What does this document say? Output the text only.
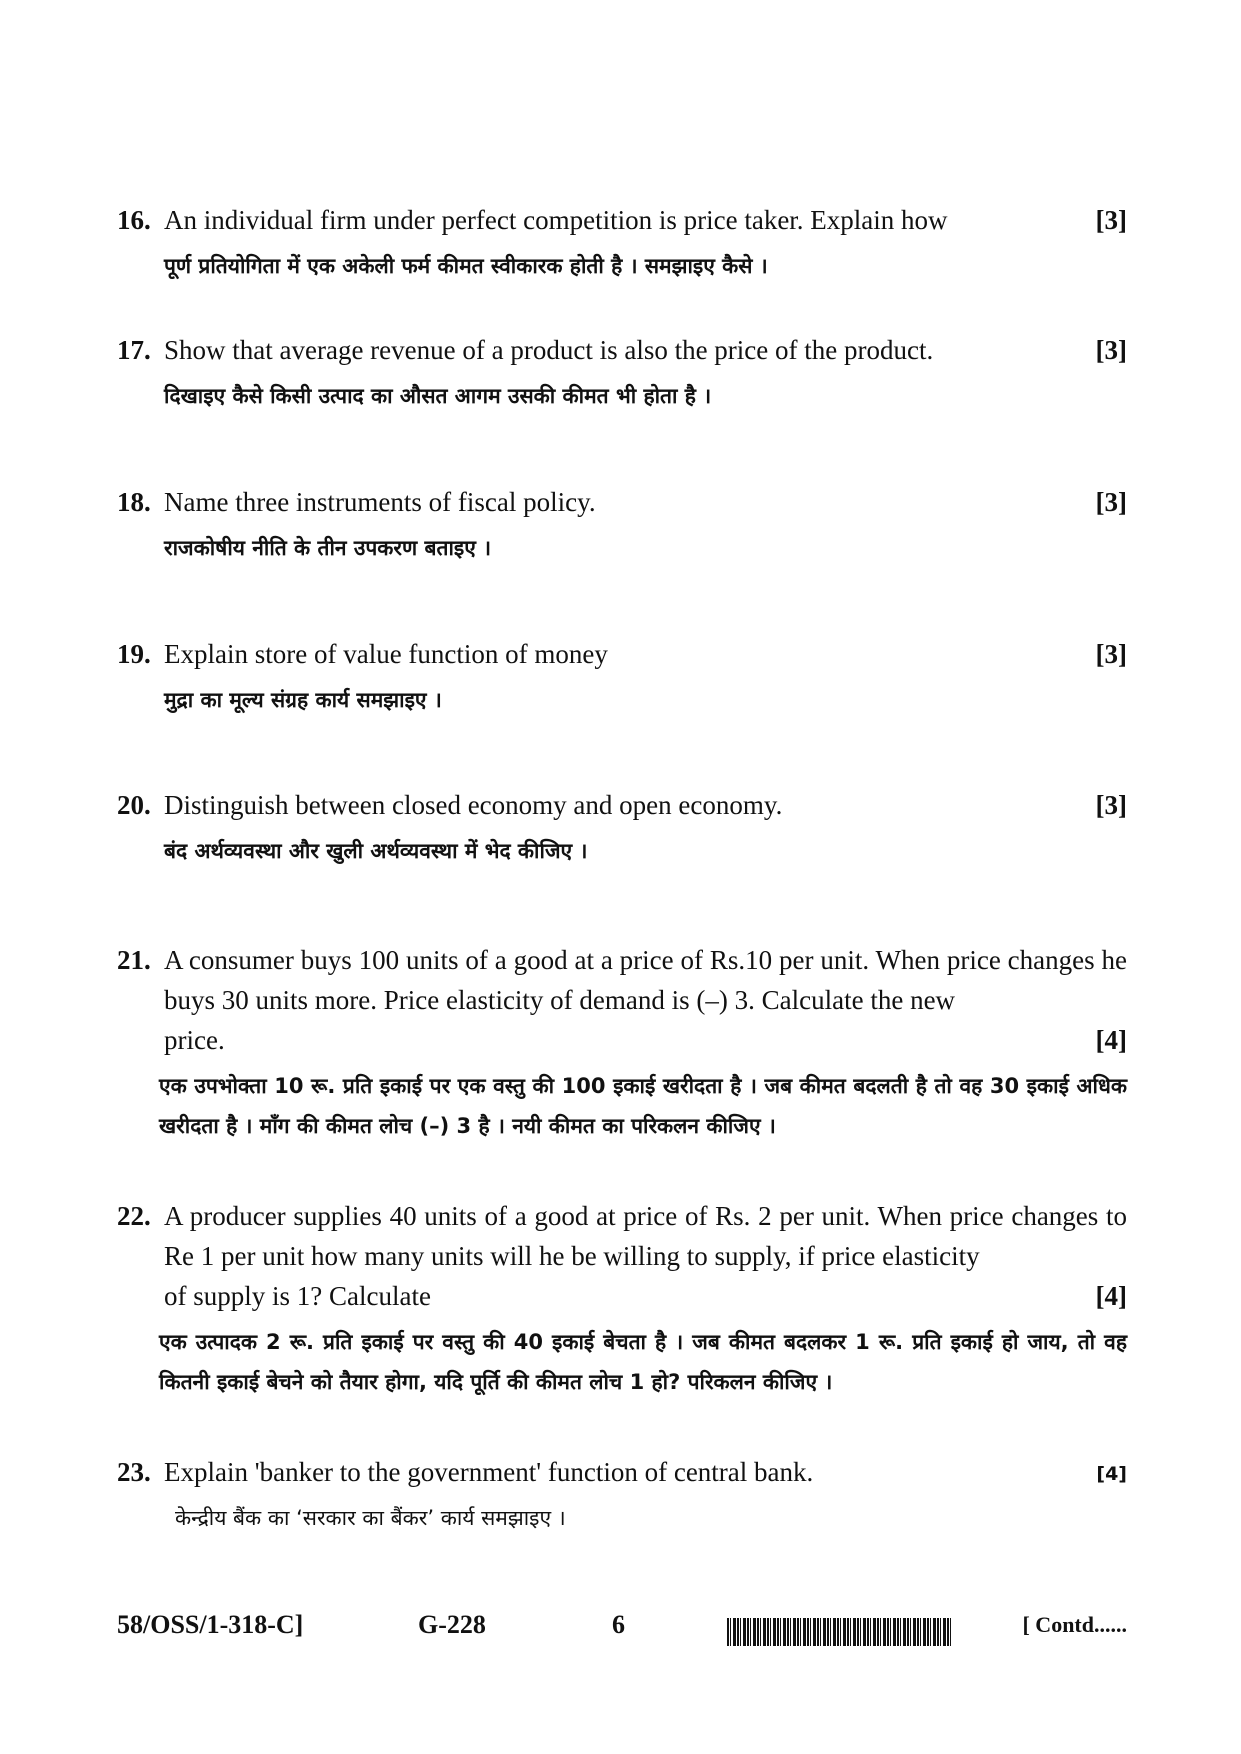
16. An individual firm under perfect competition is price taker. Explain how	[3]
पूर्ण प्रतियोगिता में एक अकेली फर्म कीमत स्वीकारक होती है । समझाइए कैसे ।
17. Show that average revenue of a product is also the price of the product.	[3]
दिखाइए कैसे किसी उत्पाद का औसत आगम उसकी कीमत भी होता है ।
18. Name three instruments of fiscal policy.	[3]
राजकोषीय नीति के तीन उपकरण बताइए ।
19. Explain store of value function of money	[3]
मुद्रा का मूल्य संग्रह कार्य समझाइए ।
20. Distinguish between closed economy and open economy.	[3]
बंद अर्थव्यवस्था और खुली अर्थव्यवस्था में भेद कीजिए ।
21. A consumer buys 100 units of a good at a price of Rs.10 per unit. When price changes he buys 30 units more. Price elasticity of demand is (–) 3. Calculate the new
price.	[4]
एक उपभोक्ता 10 रू. प्रति इकाई पर एक वस्तु की 100 इकाई खरीदता है । जब कीमत बदलती है तो वह 30 इकाई अधिक खरीदता है । माँग की कीमत लोच (–) 3 है । नयी कीमत का परिकलन कीजिए ।
22. A producer supplies 40 units of a good at price of Rs. 2 per unit. When price changes to Re 1 per unit how many units will he be willing to supply, if price elasticity
of supply is 1? Calculate	[4]
एक उत्पादक 2 रू. प्रति इकाई पर वस्तु की 40 इकाई बेचता है । जब कीमत बदलकर 1 रू. प्रति इकाई हो जाय, तो वह कितनी इकाई बेचने को तैयार होगा, यदि पूर्ति की कीमत लोच 1 हो? परिकलन कीजिए ।
23. Explain 'banker to the government' function of central bank.	[4]
केन्द्रीय बैंक का ‘सरकार का बैंकर’ कार्य समझाइए ।
58/OSS/1-318-C]	G-228	6	[ Contd......
